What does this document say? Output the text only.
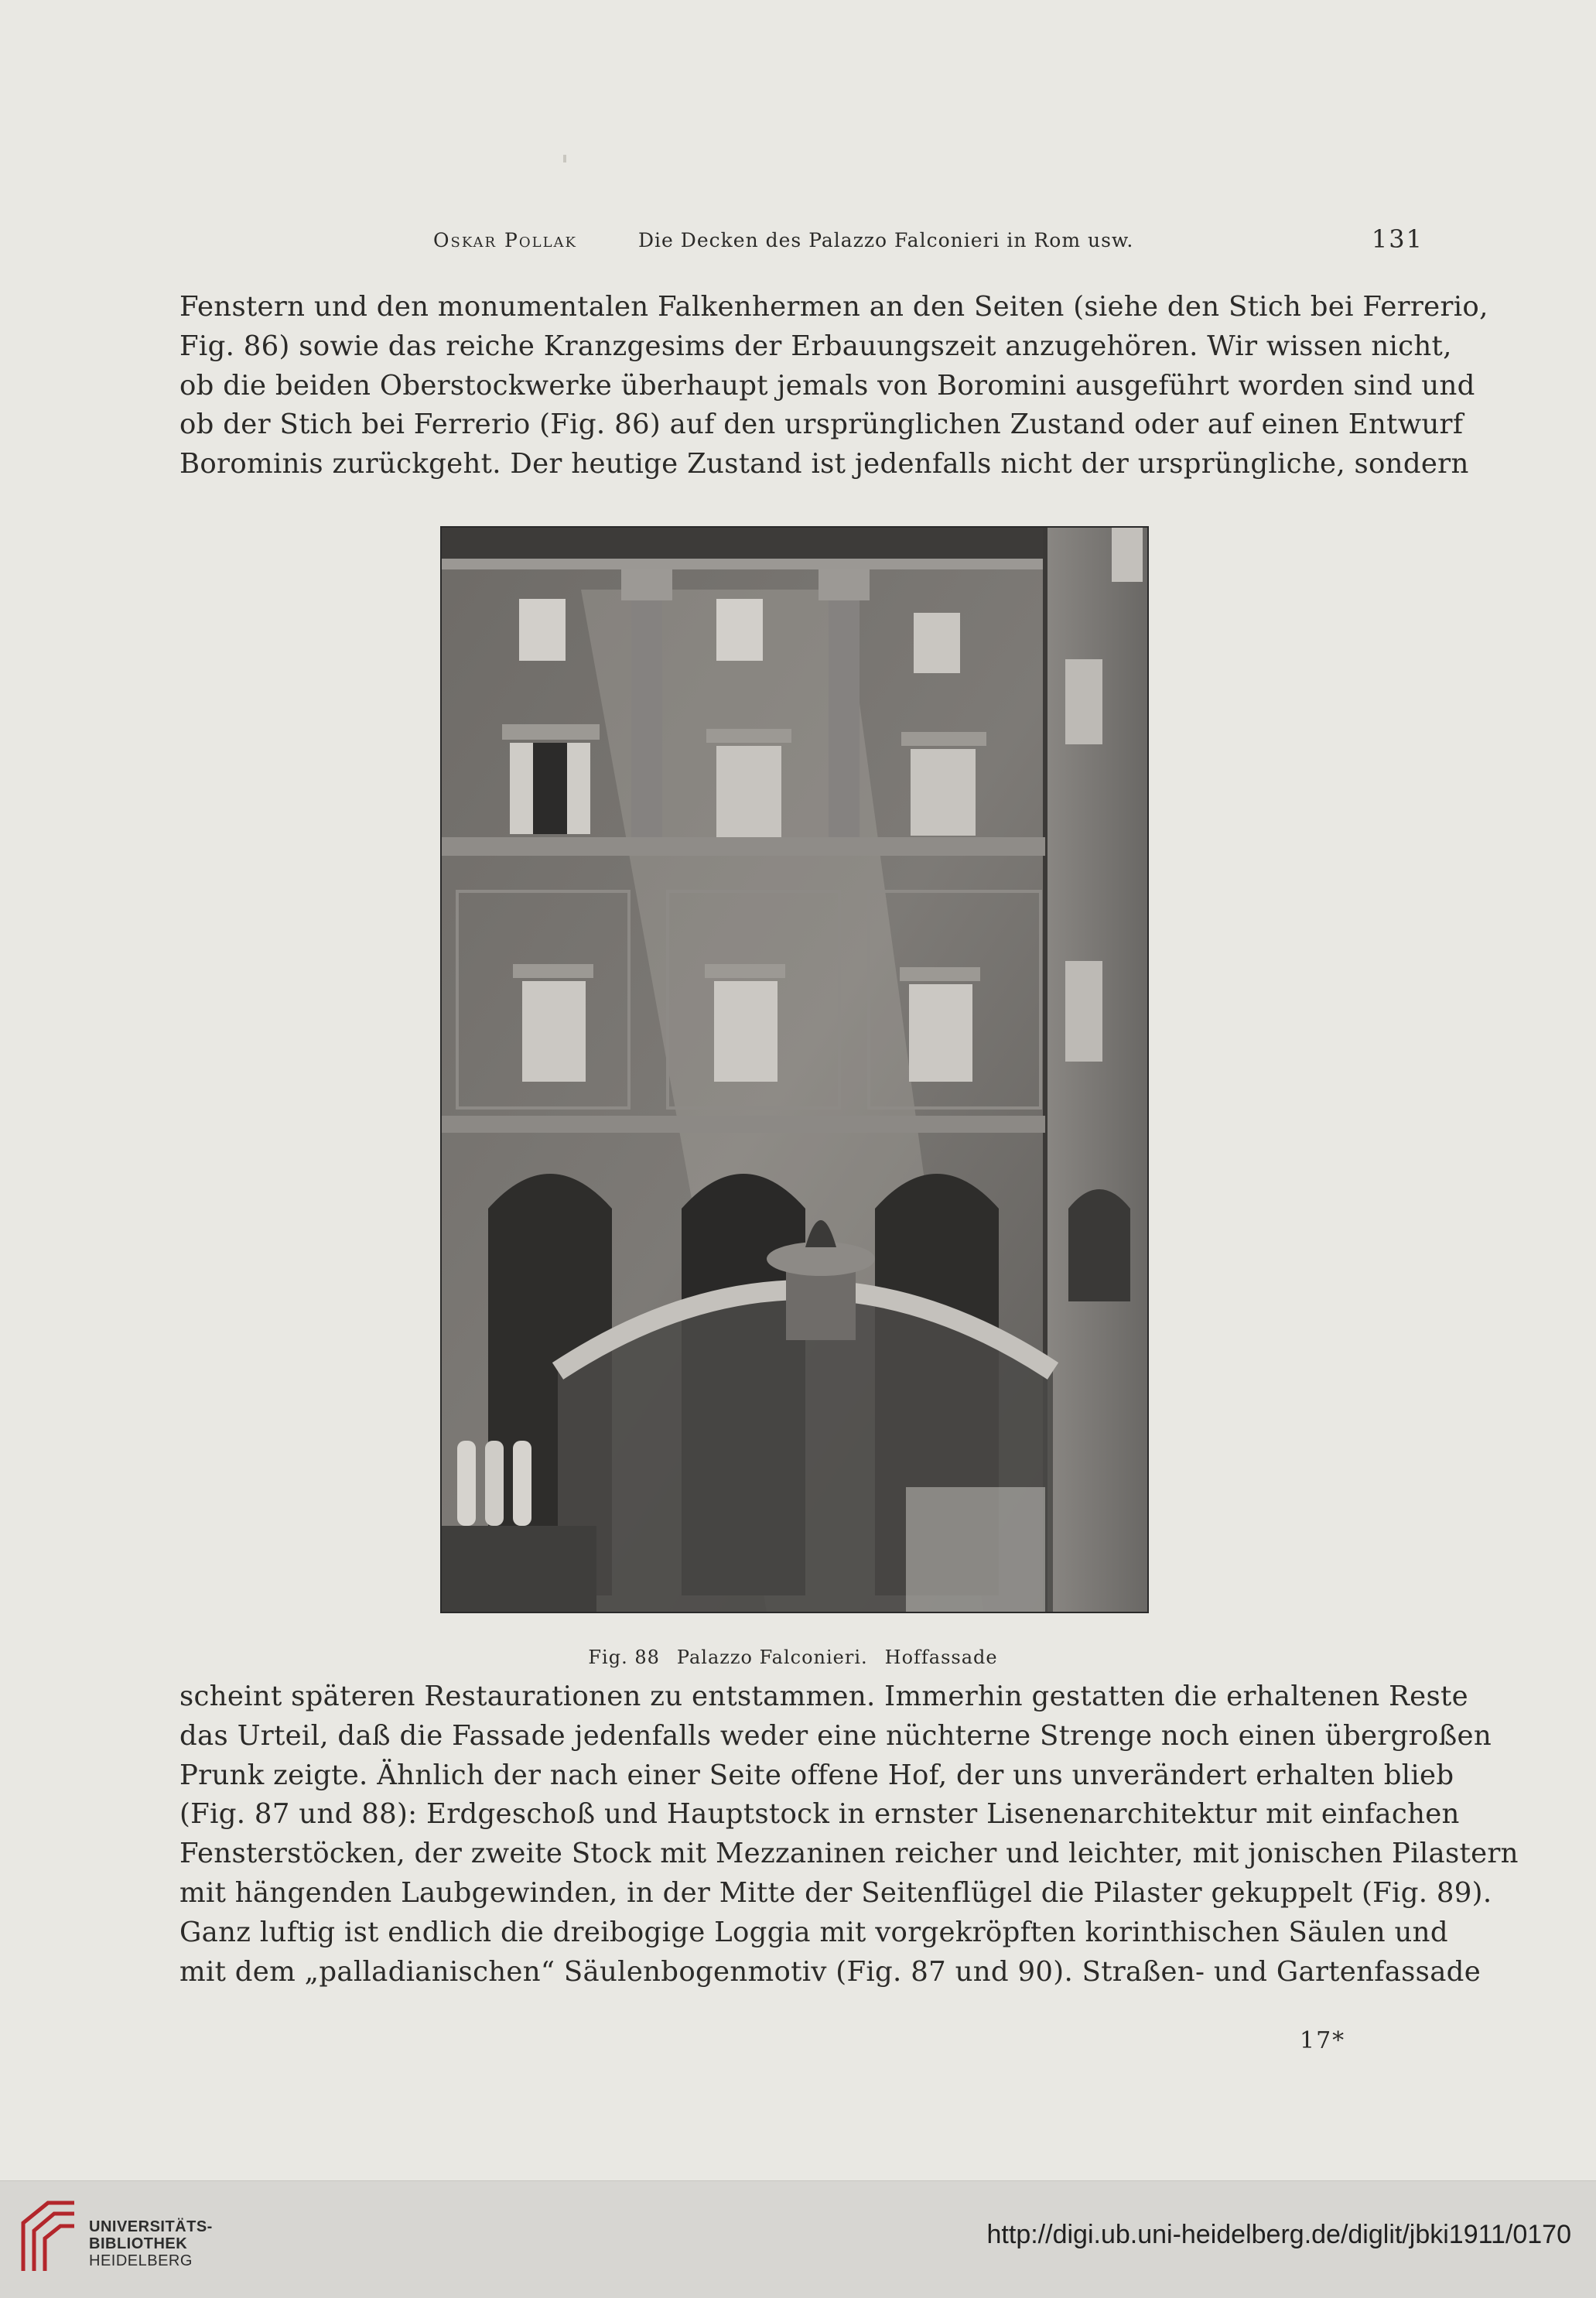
Oskar Pollak	Die Decken des Palazzo Falconieri in Rom usw.	131
Fenstern und den monumentalen Falkenhermen an den Seiten (siehe den Stich bei Ferrerio,
Fig. 86) sowie das reiche Kranzgesims der Erbauungszeit anzugehören. Wir wissen nicht,
ob die beiden Oberstockwerke überhaupt jemals von Boromini ausgeführt worden sind und
ob der Stich bei Ferrerio (Fig. 86) auf den ursprünglichen Zustand oder auf einen Entwurf
Borominis zurückgeht. Der heutige Zustand ist jedenfalls nicht der ursprüngliche, sondern
Fig. 88 Palazzo Falconieri. Hoffassade
scheint späteren Restaurationen zu entstammen. Immerhin gestatten die erhaltenen Reste
das Urteil, daß die Fassade jedenfalls weder eine nüchterne Strenge noch einen übergroßen
Prunk zeigte. Ähnlich der nach einer Seite offene Hof, der uns unverändert erhalten blieb
(Fig. 87 und 88): Erdgeschoß und Hauptstock in ernster Lisenenarchitektur mit einfachen
Fensterstöcken, der zweite Stock mit Mezzaninen reicher und leichter, mit jonischen Pilastern
mit hängenden Laubgewinden, in der Mitte der Seitenflügel die Pilaster gekuppelt (Fig. 89).
Ganz luftig ist endlich die dreibogige Loggia mit vorgekröpften korinthischen Säulen und
mit dem „palladianischen“ Säulenbogenmotiv (Fig. 87 und 90). Straßen- und Gartenfassade
17*
UNIVERSITÄTS-
BIBLIOTHEK
HEIDELBERG
http://digi.ub.uni-heidelberg.de/diglit/jbki1911/0170
